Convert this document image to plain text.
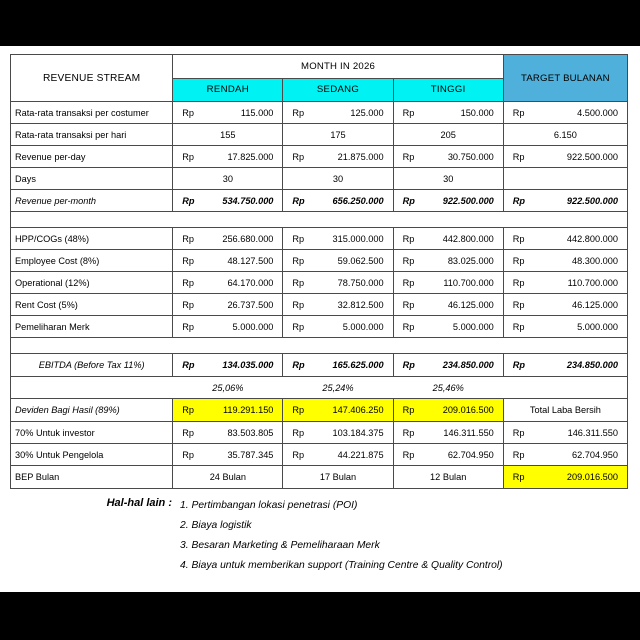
REVENUE STREAM	MONTH IN 2026			TARGET BULANAN
	RENDAH	SEDANG	TINGGI	
Rata-rata transaksi per costumer	Rp 115.000	Rp 125.000	Rp 150.000	Rp 4.500.000

Rata-rata transaksi per hari	155	175	205	6.150
Revenue per-day	Rp 17.825.000	Rp 21.875.000	Rp 30.750.000	Rp 922.500.000

Days	30	30	30	
Revenue per-month	Rp 534.750.000	Rp 656.250.000	Rp 922.500.000	Rp 922.500.000

HPP/COGs (48%)	Rp 256.680.000	Rp 315.000.000	Rp 442.800.000	Rp 442.800.000

Employee Cost (8%)	Rp 48.127.500	Rp 59.062.500	Rp 83.025.000	Rp 48.300.000

Operational (12%)	Rp 64.170.000	Rp 78.750.000	Rp 110.700.000	Rp 110.700.000

Rent Cost (5%)	Rp 26.737.500	Rp 32.812.500	Rp 46.125.000	Rp 46.125.000

Pemeliharan Merk	Rp 5.000.000	Rp 5.000.000	Rp 5.000.000	Rp 5.000.000

EBITDA (Before Tax 11%)	Rp 134.035.000	Rp 165.625.000	Rp 234.850.000	Rp 234.850.000

	25,06%	25,24%	25,46%	
Deviden Bagi Hasil (89%)	Rp 119.291.150	Rp 147.406.250	Rp 209.016.500	Total Laba Bersih
70% Untuk investor	Rp 83.503.805	Rp 103.184.375	Rp 146.311.550	Rp 146.311.550

30% Untuk Pengelola	Rp 35.787.345	Rp 44.221.875	Rp 62.704.950	Rp 62.704.950

BEP Bulan	24 Bulan	17 Bulan	12 Bulan	Rp 209.016.500
Hal-hal lain : 1. Pertimbangan lokasi penetrasi (POI)
2. Biaya logistik
3. Besaran Marketing & Pemeliharaan Merk
4. Biaya untuk memberikan support (Training Centre & Quality Control)
